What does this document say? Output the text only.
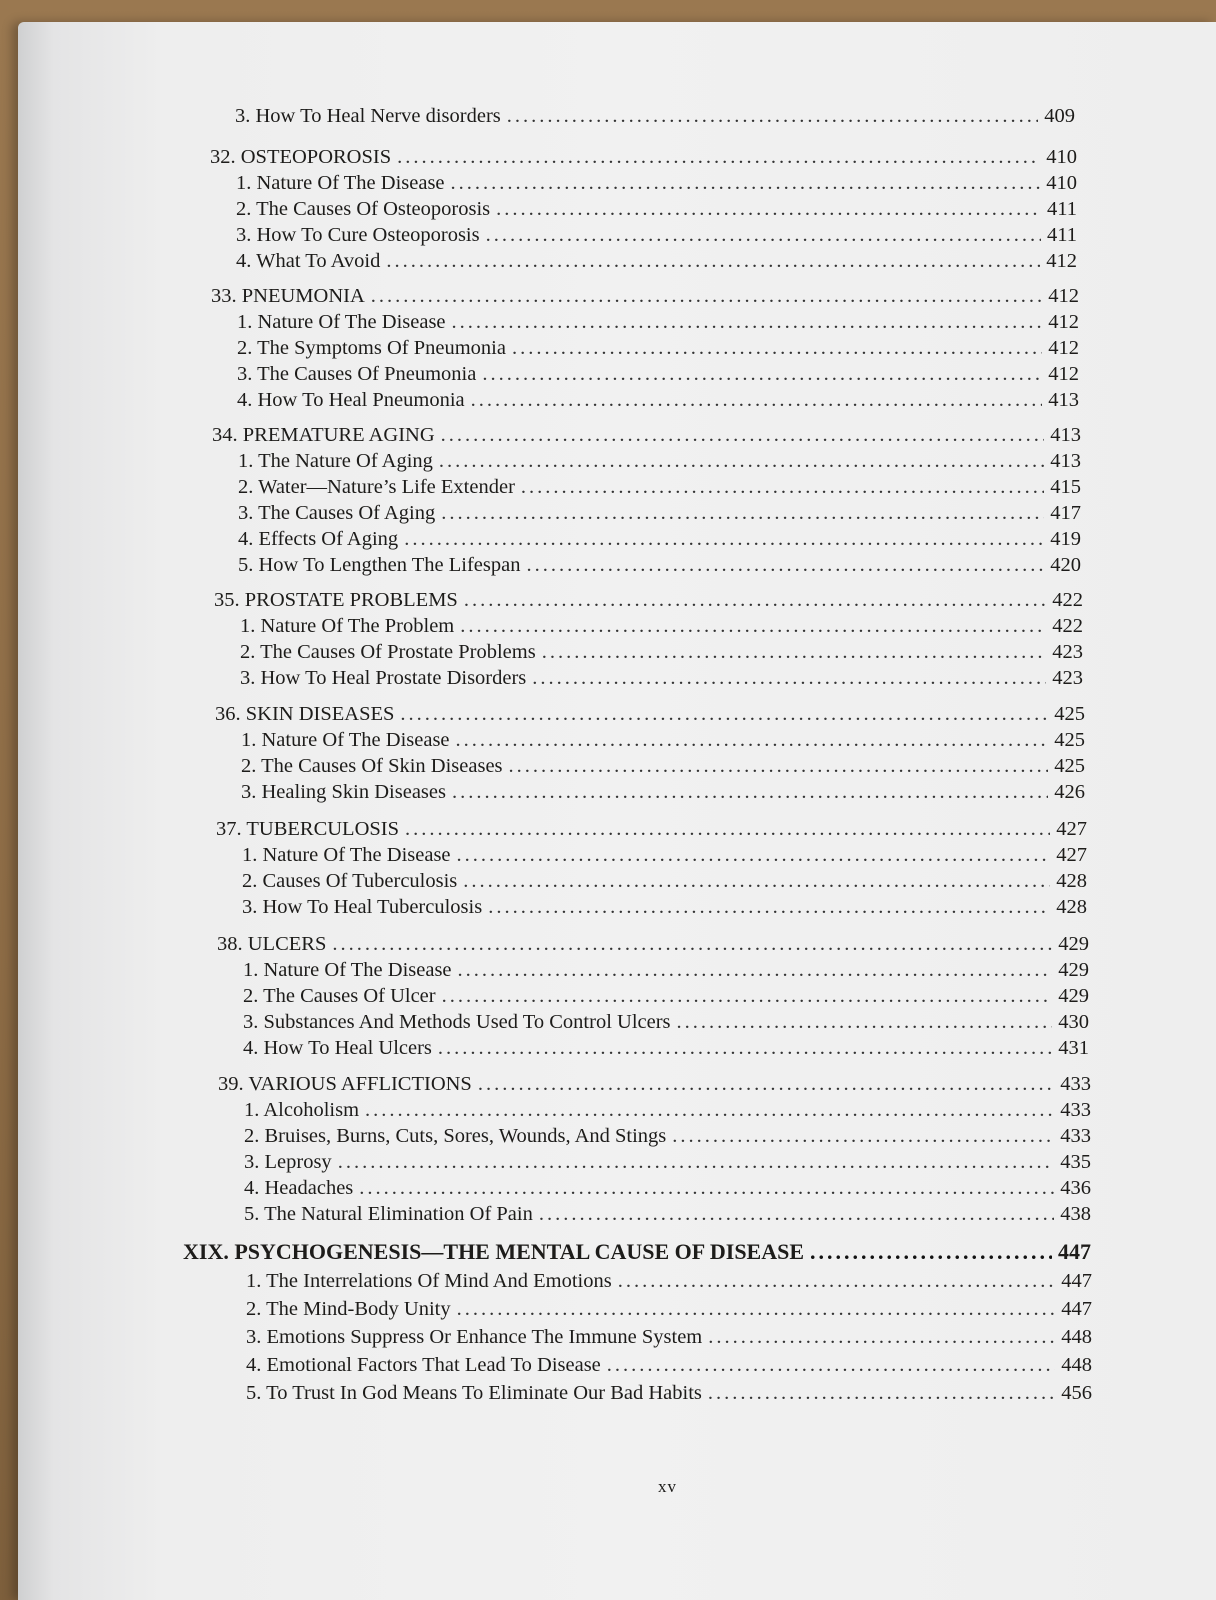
3. How To Heal Nerve disorders .....	409
32. OSTEOPOROSIS .....	410
1. Nature Of The Disease .....	410
2. The Causes Of Osteoporosis .....	411
3. How To Cure Osteoporosis .....	411
4. What To Avoid .....	412
33. PNEUMONIA .....	412
1. Nature Of The Disease .....	412
2. The Symptoms Of Pneumonia .....	412
3. The Causes Of Pneumonia .....	412
4. How To Heal Pneumonia .....	413
34. PREMATURE AGING .....	413
1. The Nature Of Aging .....	413
2. Water—Nature’s Life Extender .....	415
3. The Causes Of Aging .....	417
4. Effects Of Aging .....	419
5. How To Lengthen The Lifespan .....	420
35. PROSTATE PROBLEMS .....	422
1. Nature Of The Problem .....	422
2. The Causes Of Prostate Problems .....	423
3. How To Heal Prostate Disorders .....	423
36. SKIN DISEASES .....	425
1. Nature Of The Disease .....	425
2. The Causes Of Skin Diseases .....	425
3. Healing Skin Diseases .....	426
37. TUBERCULOSIS .....	427
1. Nature Of The Disease .....	427
2. Causes Of Tuberculosis .....	428
3. How To Heal Tuberculosis .....	428
38. ULCERS .....	429
1. Nature Of The Disease .....	429
2. The Causes Of Ulcer .....	429
3. Substances And Methods Used To Control Ulcers .....	430
4. How To Heal Ulcers .....	431
39. VARIOUS AFFLICTIONS .....	433
1. Alcoholism .....	433
2. Bruises, Burns, Cuts, Sores, Wounds, And Stings .....	433
3. Leprosy .....	435
4. Headaches .....	436
5. The Natural Elimination Of Pain .....	438
XIX. PSYCHOGENESIS—THE MENTAL CAUSE OF DISEASE .....	447
1. The Interrelations Of Mind And Emotions .....	447
2. The Mind-Body Unity .....	447
3. Emotions Suppress Or Enhance The Immune System .....	448
4. Emotional Factors That Lead To Disease .....	448
5. To Trust In God Means To Eliminate Our Bad Habits .....	456
xv
